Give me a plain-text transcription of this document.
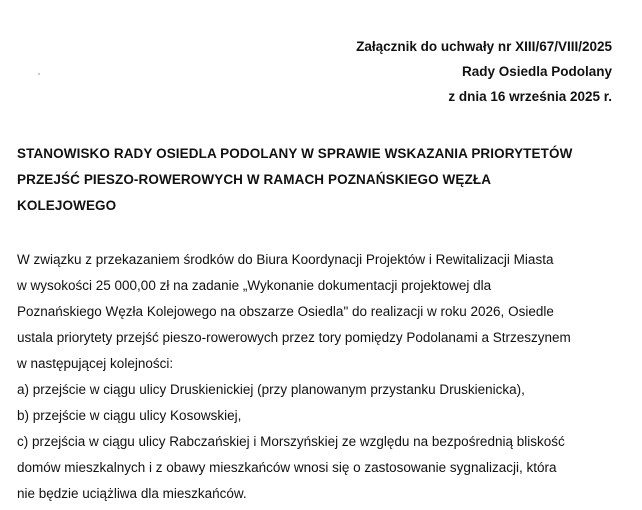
Załącznik do uchwały nr XIII/67/VIII/2025
Rady Osiedla Podolany
z dnia 16 września 2025 r.
STANOWISKO RADY OSIEDLA PODOLANY W SPRAWIE WSKAZANIA PRIORYTETÓW
PRZEJŚĆ PIESZO-ROWEROWYCH W RAMACH POZNAŃSKIEGO WĘZŁA
KOLEJOWEGO
W związku z przekazaniem środków do Biura Koordynacji Projektów i Rewitalizacji Miasta
w wysokości 25 000,00 zł na zadanie „Wykonanie dokumentacji projektowej dla
Poznańskiego Węzła Kolejowego na obszarze Osiedla" do realizacji w roku 2026, Osiedle
ustala priorytety przejść pieszo-rowerowych przez tory pomiędzy Podolanami a Strzeszynem
w następującej kolejności:
a) przejście w ciągu ulicy Druskienickiej (przy planowanym przystanku Druskienicka),
b) przejście w ciągu ulicy Kosowskiej,
c) przejścia w ciągu ulicy Rabczańskiej i Morszyńskiej ze względu na bezpośrednią bliskość
domów mieszkalnych i z obawy mieszkańców wnosi się o zastosowanie sygnalizacji, która
nie będzie uciążliwa dla mieszkańców.
